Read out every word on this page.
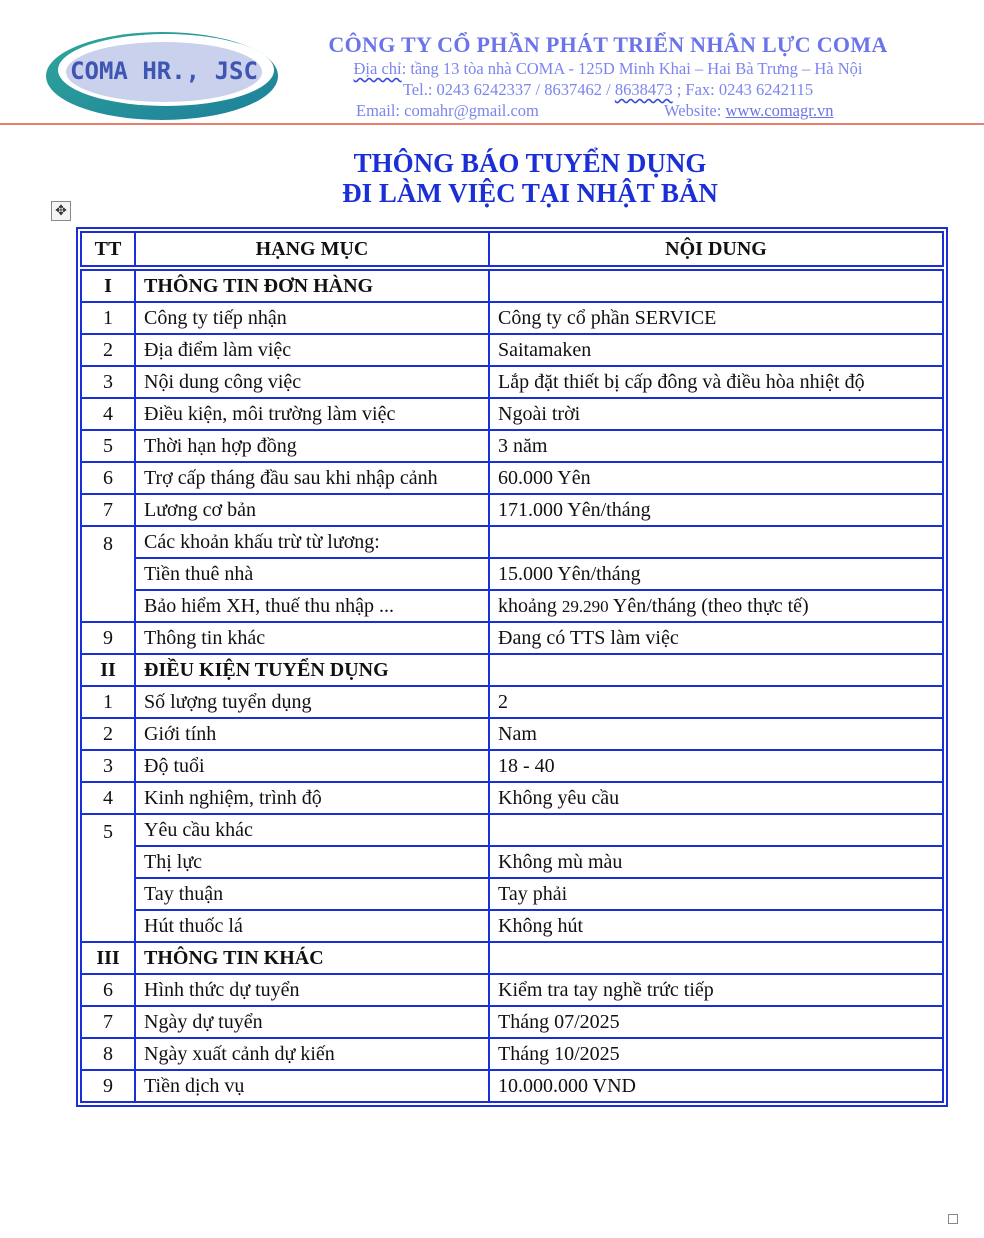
COMA HR., JSC
CÔNG TY CỔ PHẦN PHÁT TRIỂN NHÂN LỰC COMA
Địa chỉ: tầng 13 tòa nhà COMA - 125D Minh Khai – Hai Bà Trưng – Hà Nội
Tel.: 0243 6242337 / 8637462 / 8638473 ; Fax: 0243 6242115
Email: comahr@gmail.com	Website: www.comagr.vn
THÔNG BÁO TUYỂN DỤNG
ĐI LÀM VIỆC TẠI NHẬT BẢN
✥
TT	HẠNG MỤC	NỘI DUNG

I	THÔNG TIN ĐƠN HÀNG	
1	Công ty tiếp nhận	Công ty cổ phần SERVICE
2	Địa điểm làm việc	Saitamaken
3	Nội dung công việc	Lắp đặt thiết bị cấp đông và điều hòa nhiệt độ
4	Điều kiện, môi trường làm việc	Ngoài trời
5	Thời hạn hợp đồng	3 năm
6	Trợ cấp tháng đầu sau khi nhập cảnh	60.000 Yên
7	Lương cơ bản	171.000 Yên/tháng
8	Các khoản khấu trừ từ lương:	
	Tiền thuê nhà	15.000 Yên/tháng
	Bảo hiểm XH, thuế thu nhập ...	khoảng 29.290 Yên/tháng (theo thực tế)
9	Thông tin khác	Đang có TTS làm việc
II	ĐIỀU KIỆN TUYỂN DỤNG	
1	Số lượng tuyển dụng	2
2	Giới tính	Nam
3	Độ tuổi	18 - 40
4	Kinh nghiệm, trình độ	Không yêu cầu
5	Yêu cầu khác	
	Thị lực	Không mù màu
	Tay thuận	Tay phải
	Hút thuốc lá	Không hút
III	THÔNG TIN KHÁC	
6	Hình thức dự tuyển	Kiểm tra tay nghề trức tiếp
7	Ngày dự tuyển	Tháng 07/2025
8	Ngày xuất cảnh dự kiến	Tháng 10/2025
9	Tiền dịch vụ	10.000.000 VND
